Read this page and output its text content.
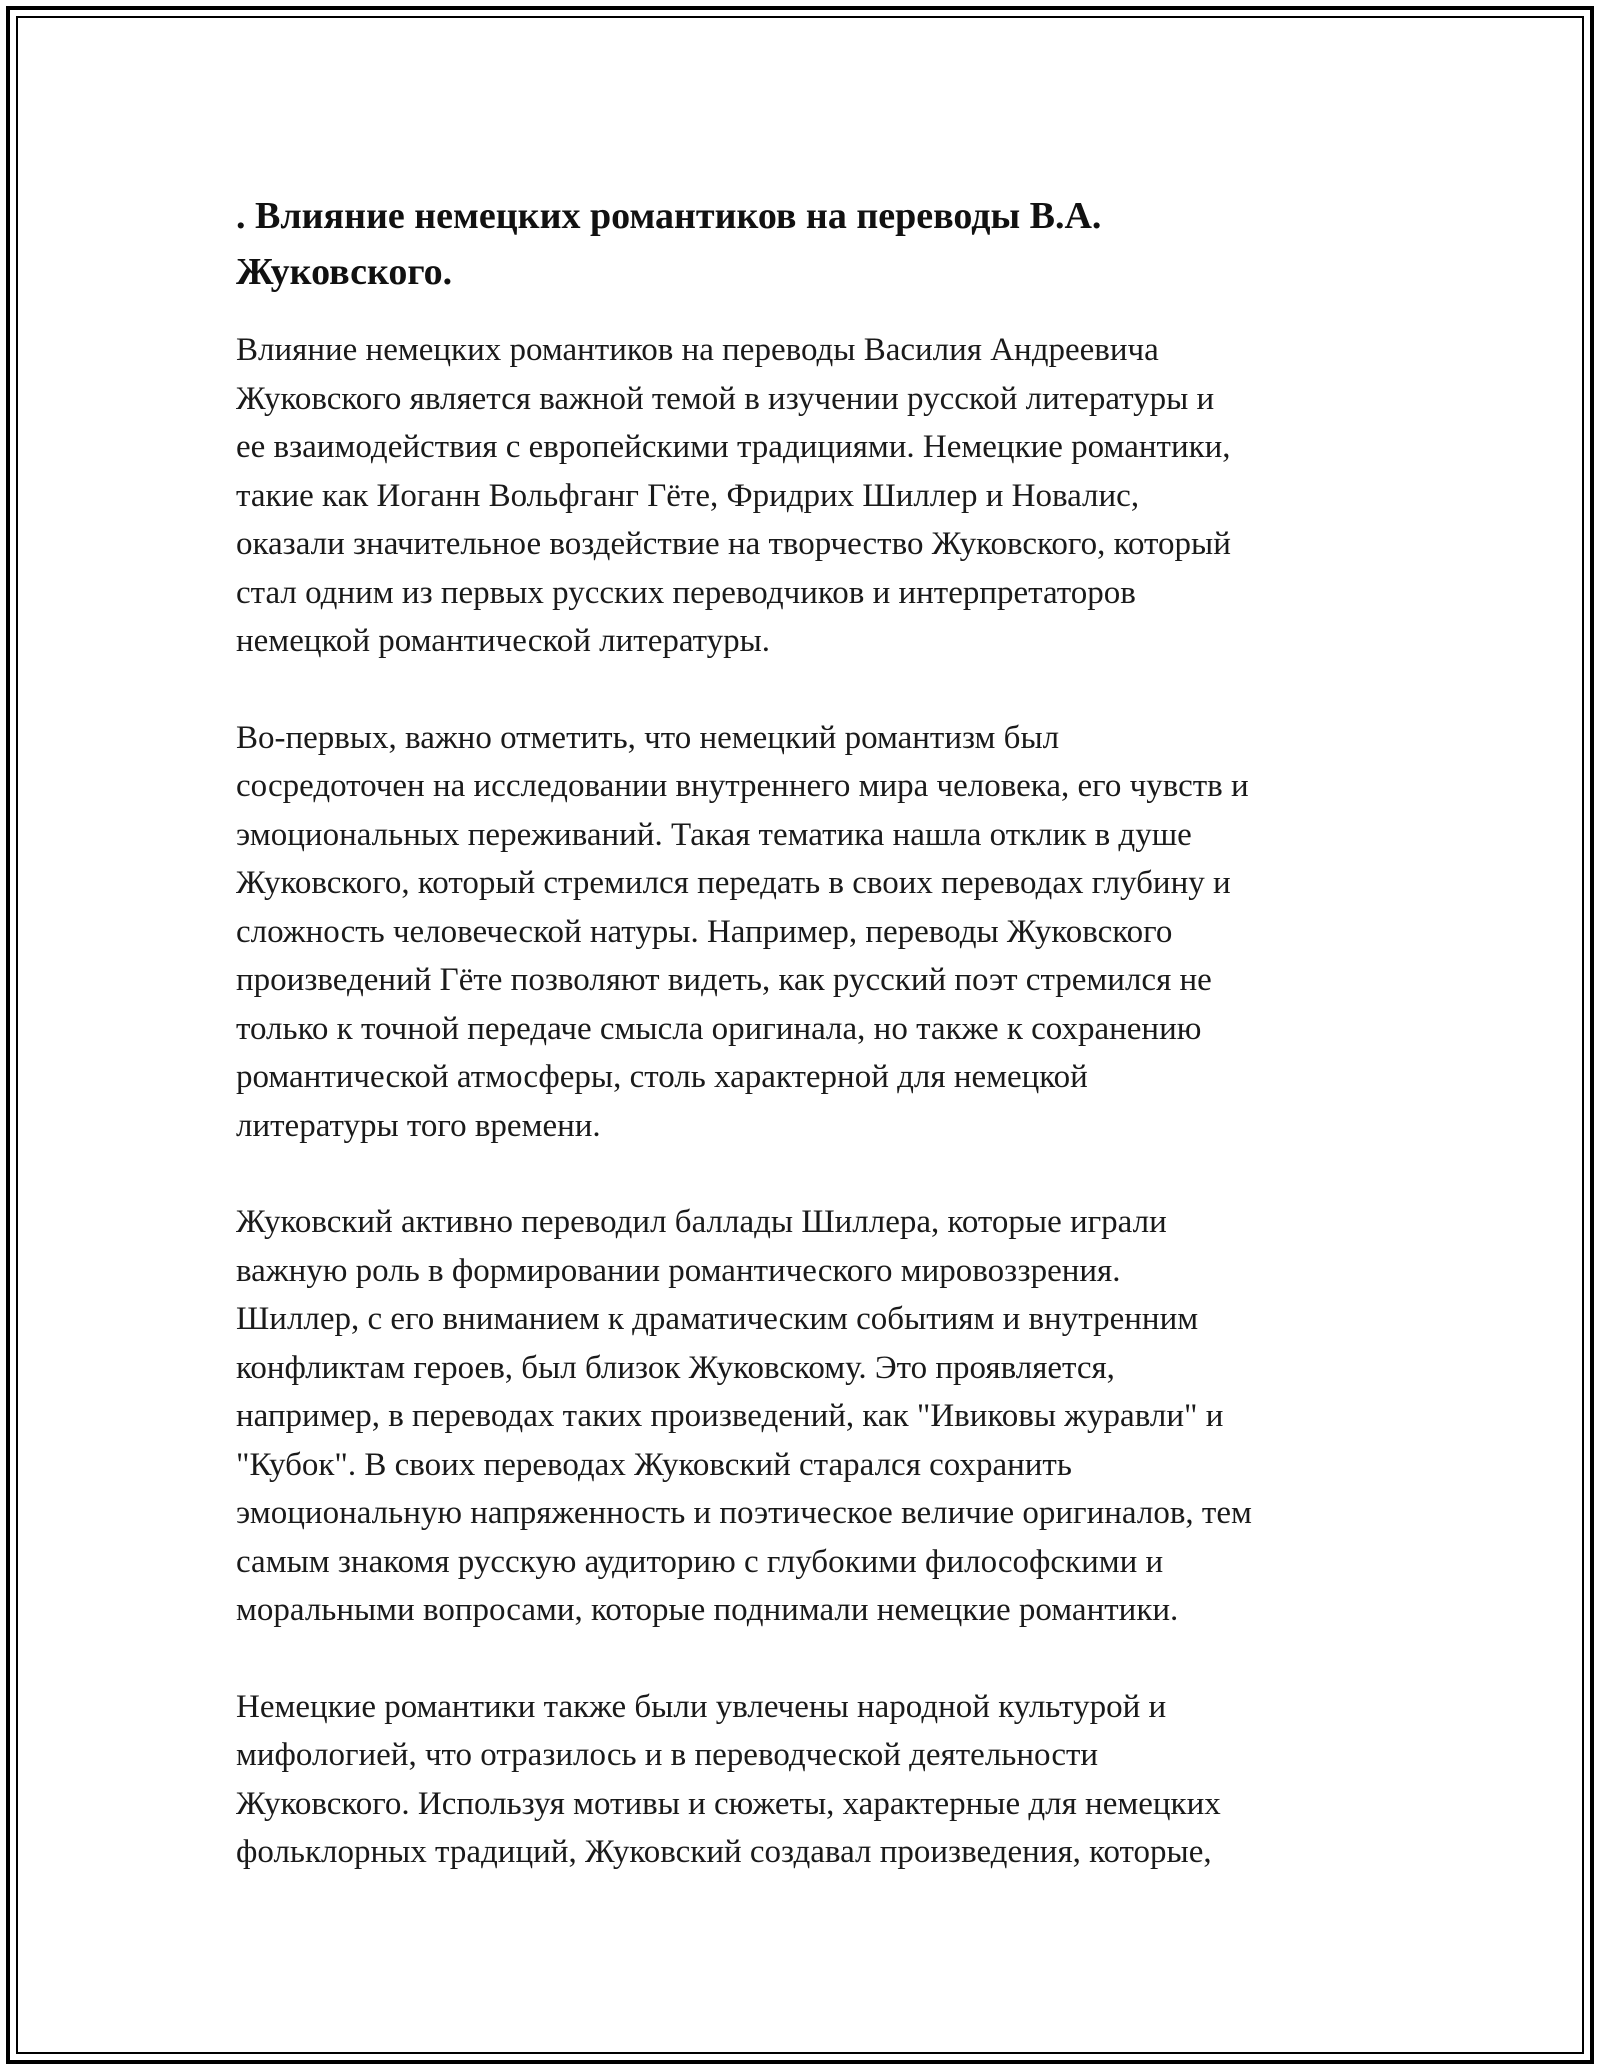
. Влияние немецких романтиков на переводы В.А.
Жуковского.

Влияние немецких романтиков на переводы Василия Андреевича
Жуковского является важной темой в изучении русской литературы и
ее взаимодействия с европейскими традициями. Немецкие романтики,
такие как Иоганн Вольфганг Гёте, Фридрих Шиллер и Новалис,
оказали значительное воздействие на творчество Жуковского, который
стал одним из первых русских переводчиков и интерпретаторов
немецкой романтической литературы.

Во-первых, важно отметить, что немецкий романтизм был
сосредоточен на исследовании внутреннего мира человека, его чувств и
эмоциональных переживаний. Такая тематика нашла отклик в душе
Жуковского, который стремился передать в своих переводах глубину и
сложность человеческой натуры. Например, переводы Жуковского
произведений Гёте позволяют видеть, как русский поэт стремился не
только к точной передаче смысла оригинала, но также к сохранению
романтической атмосферы, столь характерной для немецкой
литературы того времени.

Жуковский активно переводил баллады Шиллера, которые играли
важную роль в формировании романтического мировоззрения.
Шиллер, с его вниманием к драматическим событиям и внутренним
конфликтам героев, был близок Жуковскому. Это проявляется,
например, в переводах таких произведений, как "Ивиковы журавли" и
"Кубок". В своих переводах Жуковский старался сохранить
эмоциональную напряженность и поэтическое величие оригиналов, тем
самым знакомя русскую аудиторию с глубокими философскими и
моральными вопросами, которые поднимали немецкие романтики.

Немецкие романтики также были увлечены народной культурой и
мифологией, что отразилось и в переводческой деятельности
Жуковского. Используя мотивы и сюжеты, характерные для немецких
фольклорных традиций, Жуковский создавал произведения, которые,
